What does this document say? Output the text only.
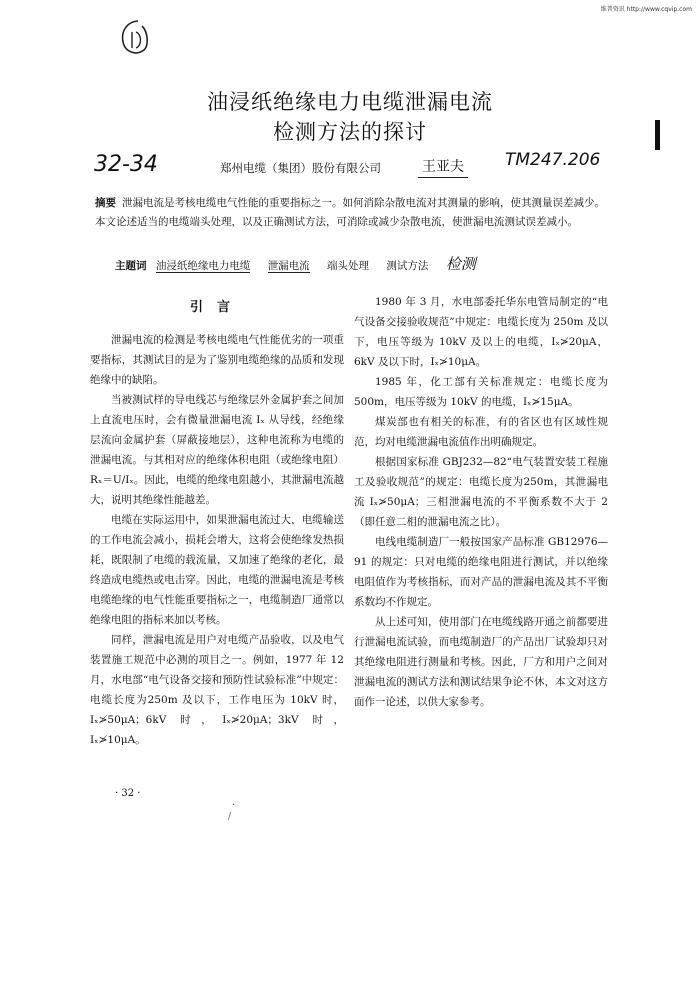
维普资讯 http://www.cqvip.com
油浸纸绝缘电力电缆泄漏电流
检测方法的探讨
32-34	郑州电缆（集团）股份有限公司	王亚夫 TM247.206
摘要 泄漏电流是考核电缆电气性能的重要指标之一。如何消除杂散电流对其测量的影响，使其测量误差减少。本文论述适当的电缆端头处理，以及正确测试方法，可消除或减少杂散电流，使泄漏电流测试误差减小。
主题词 油浸纸绝缘电力电缆 泄漏电流 端头处理 测试方法 检测
引言

泄漏电流的检测是考核电缆电气性能优劣的一项重要指标，其测试目的是为了鉴别电缆绝缘的品质和发现绝缘中的缺陷。

当被测试样的导电线芯与绝缘层外金属护套之间加上直流电压时，会有微量泄漏电流 Iₓ 从导线，经绝缘层流向金属护套（屏蔽接地层），这种电流称为电缆的泄漏电流。与其相对应的绝缘体积电阻（或绝缘电阻）Rₓ＝U/Iₓ。因此，电缆的绝缘电阻越小，其泄漏电流越大，说明其绝缘性能越差。

电缆在实际运用中，如果泄漏电流过大，电缆输送的工作电流会减小，损耗会增大，这将会使绝缘发热损耗，既限制了电缆的载流量，又加速了绝缘的老化，最终造成电缆热或电击穿。因此，电缆的泄漏电流是考核电缆绝缘的电气性能重要指标之一，电缆制造厂通常以绝缘电阻的指标来加以考核。

同样，泄漏电流是用户对电缆产品验收，以及电气装置施工规范中必测的项目之一。例如，1977 年 12 月，水电部“电气设备交接和预防性试验标准”中规定：电缆长度为250m 及以下，工作电压为 10kV 时，Iₓ≯50μA；6kV 时，Iₓ≯20μA；3kV 时，Iₓ≯10μA。

1980 年 3 月，水电部委托华东电管局制定的“电气设备交接验收规范”中规定：电缆长度为 250m 及以下，电压等级为 10kV 及以上的电缆，Iₓ≯20μA，6kV 及以下时，Iₓ≯10μA。

1985 年，化工部有关标准规定：电缆长度为 500m，电压等级为 10kV 的电缆，Iₓ≯15μA。

煤炭部也有相关的标准，有的省区也有区域性规范，均对电缆泄漏电流值作出明确规定。

根据国家标准 GBJ232—82“电气装置安装工程施工及验收规范”的规定：电缆长度为250m，其泄漏电流 Iₓ≯50μA；三相泄漏电流的不平衡系数不大于 2（即任意二相的泄漏电流之比）。

电线电缆制造厂一般按国家产品标准 GB12976—91 的规定：只对电缆的绝缘电阻进行测试，并以绝缘电阻值作为考核指标，而对产品的泄漏电流及其不平衡系数均不作规定。

从上述可知，使用部门在电缆线路开通之前都要进行泄漏电流试验，而电缆制造厂的产品出厂试验却只对其绝缘电阻进行测量和考核。因此，厂方和用户之间对泄漏电流的测试方法和测试结果争论不休，本文对这方面作一论述，以供大家参考。

· 32 ·
·
/
